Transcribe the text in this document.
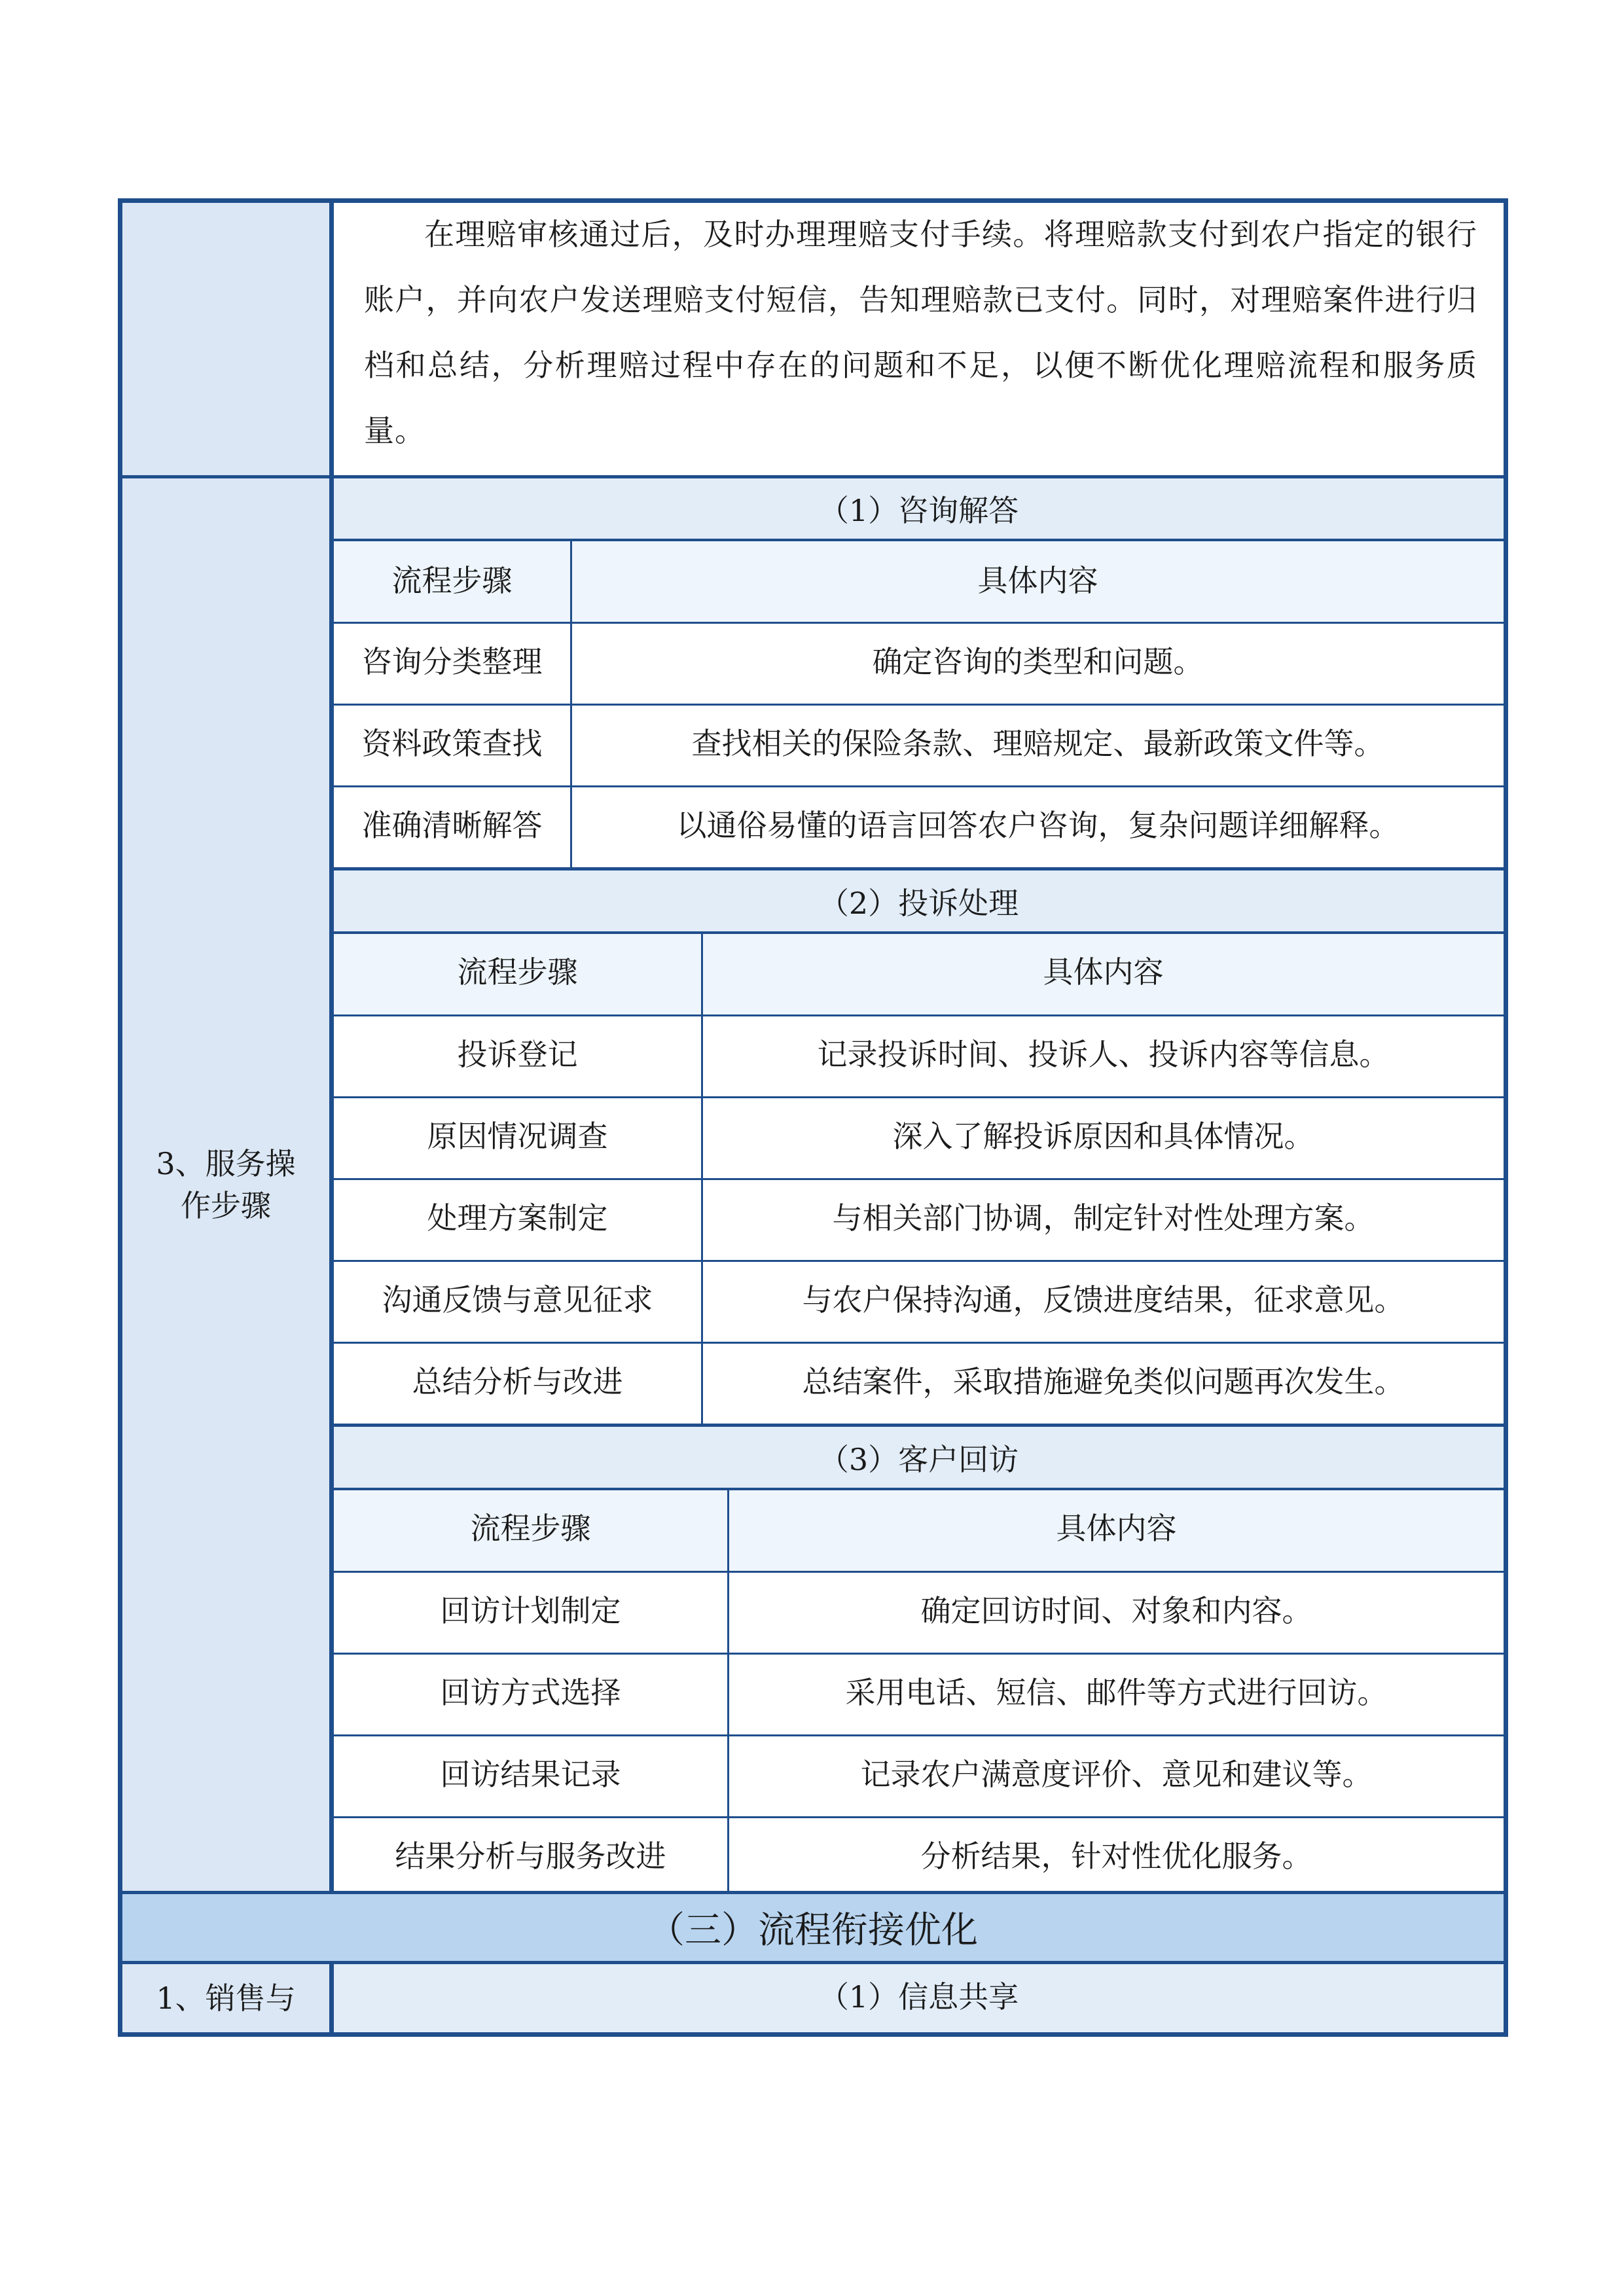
在理赔审核通过后，及时办理理赔支付手续。将理赔款支付到农户指定的银行账户，并向农户发送理赔支付短信，告知理赔款已支付。同时，对理赔案件进行归档和总结，分析理赔过程中存在的问题和不足，以便不断优化理赔流程和服务质量。
3、服务操
作步骤
（1）咨询解答
流程步骤	具体内容
咨询分类整理	确定咨询的类型和问题。
资料政策查找	查找相关的保险条款、理赔规定、最新政策文件等。
准确清晰解答	以通俗易懂的语言回答农户咨询，复杂问题详细解释。
（2）投诉处理
流程步骤	具体内容
投诉登记	记录投诉时间、投诉人、投诉内容等信息。
原因情况调查	深入了解投诉原因和具体情况。
处理方案制定	与相关部门协调，制定针对性处理方案。
沟通反馈与意见征求	与农户保持沟通，反馈进度结果，征求意见。
总结分析与改进	总结案件，采取措施避免类似问题再次发生。
（3）客户回访
流程步骤	具体内容
回访计划制定	确定回访时间、对象和内容。
回访方式选择	采用电话、短信、邮件等方式进行回访。
回访结果记录	记录农户满意度评价、意见和建议等。
结果分析与服务改进	分析结果，针对性优化服务。
（三）流程衔接优化
1、销售与	（1）信息共享
